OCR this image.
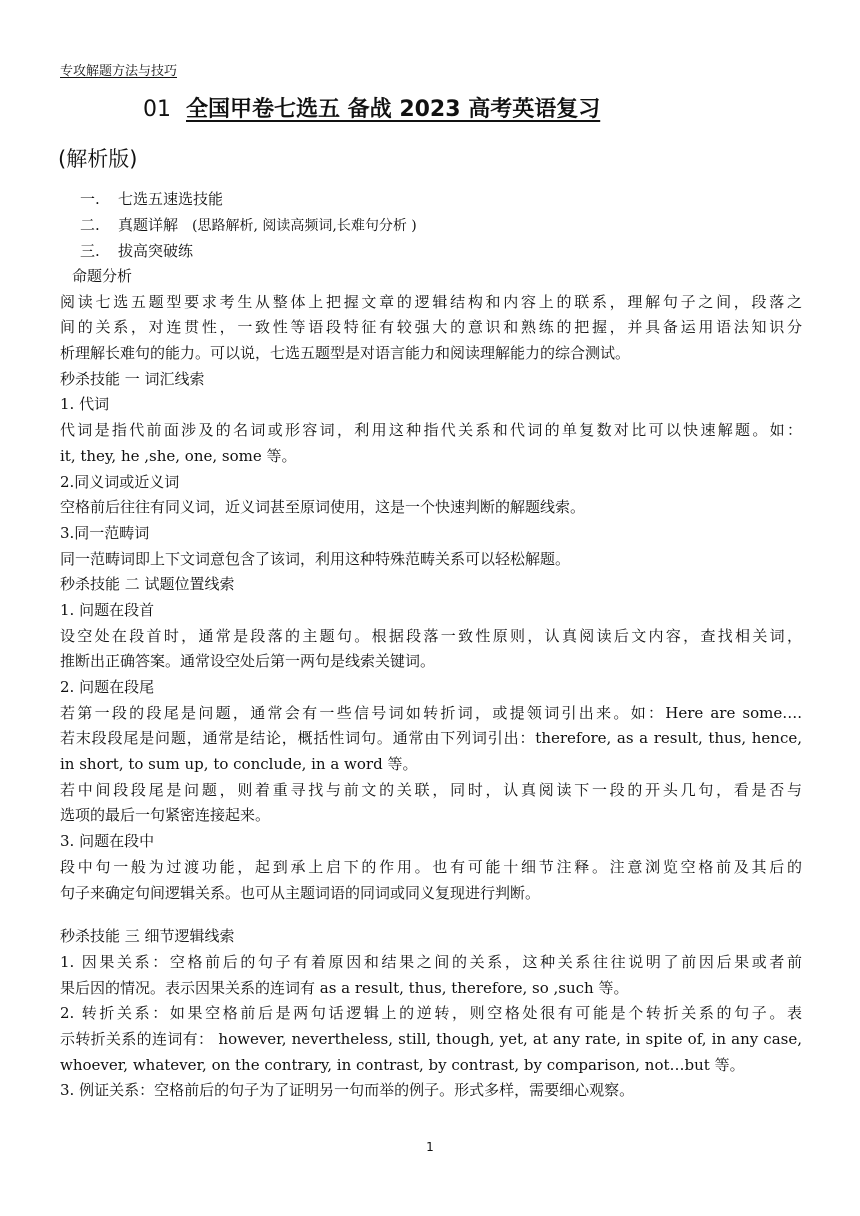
专攻解题方法与技巧
01 全国甲卷七选五 备战 2023 高考英语复习
(解析版)
一. 七选五速选技能
二. 真题详解 (思路解析, 阅读高频词,长难句分析 )
三. 拔高突破练
命题分析
阅读七选五题型要求考生从整体上把握文章的逻辑结构和内容上的联系，理解句子之间，段落之
间的关系，对连贯性，一致性等语段特征有较强大的意识和熟练的把握，并具备运用语法知识分
析理解长难句的能力。可以说，七选五题型是对语言能力和阅读理解能力的综合测试。
秒杀技能 一 词汇线索
1. 代词
代词是指代前面涉及的名词或形容词，利用这种指代关系和代词的单复数对比可以快速解题。如：
it, they, he ,she, one, some 等。
2.同义词或近义词
空格前后往往有同义词，近义词甚至原词使用，这是一个快速判断的解题线索。
3.同一范畴词
同一范畴词即上下文词意包含了该词，利用这种特殊范畴关系可以轻松解题。
秒杀技能 二 试题位置线索
1. 问题在段首
设空处在段首时，通常是段落的主题句。根据段落一致性原则，认真阅读后文内容，查找相关词，
推断出正确答案。通常设空处后第一两句是线索关键词。
2. 问题在段尾
若第一段的段尾是问题，通常会有一些信号词如转折词，或提领词引出来。如：Here are some….
若末段段尾是问题，通常是结论，概括性词句。通常由下列词引出：therefore, as a result, thus, hence,
in short, to sum up, to conclude, in a word 等。
若中间段段尾是问题，则着重寻找与前文的关联，同时，认真阅读下一段的开头几句，看是否与
选项的最后一句紧密连接起来。
3. 问题在段中
段中句一般为过渡功能，起到承上启下的作用。也有可能十细节注释。注意浏览空格前及其后的
句子来确定句间逻辑关系。也可从主题词语的同词或同义复现进行判断。
秒杀技能 三 细节逻辑线索
1. 因果关系：空格前后的句子有着原因和结果之间的关系，这种关系往往说明了前因后果或者前
果后因的情况。表示因果关系的连词有 as a result, thus, therefore, so ,such 等。
2. 转折关系：如果空格前后是两句话逻辑上的逆转，则空格处很有可能是个转折关系的句子。表
示转折关系的连词有： however, nevertheless, still, though, yet, at any rate, in spite of, in any case,
whoever, whatever, on the contrary, in contrast, by contrast, by comparison, not…but 等。
3. 例证关系：空格前后的句子为了证明另一句而举的例子。形式多样，需要细心观察。
1
